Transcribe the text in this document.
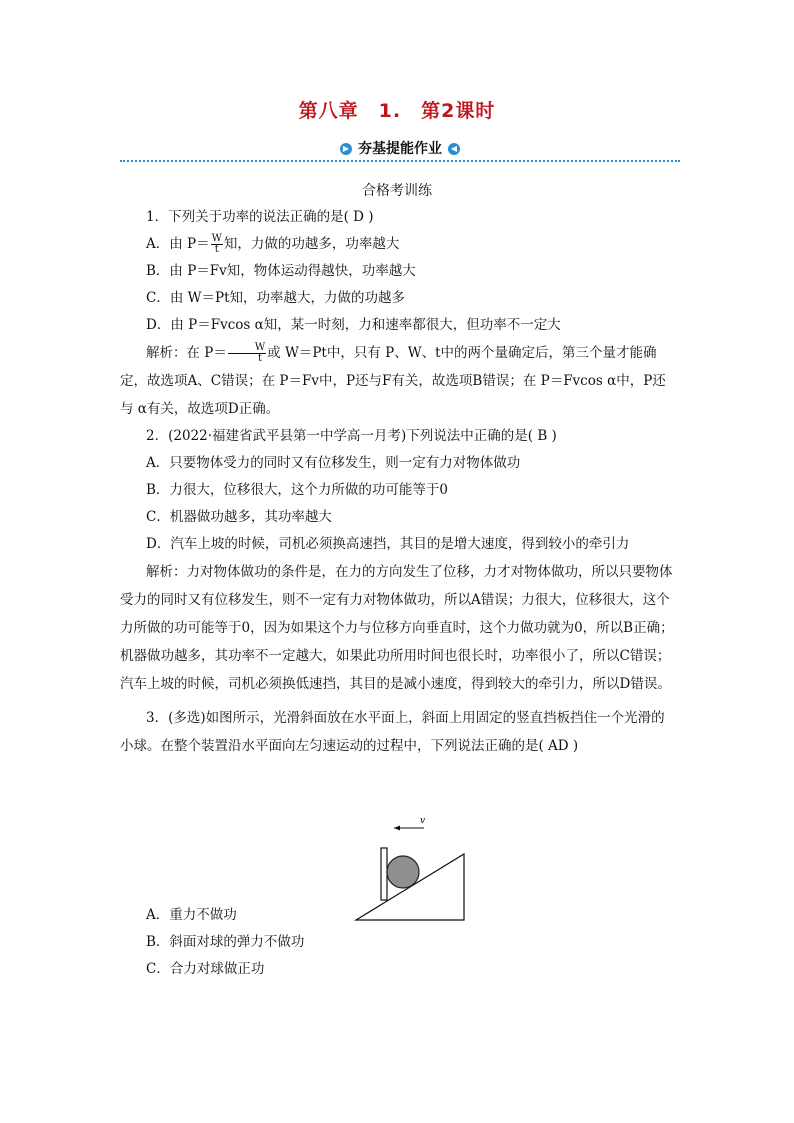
第八章　1.　第2课时
▶ 夯基提能作业 ◀
合格考训练
1．下列关于功率的说法正确的是( D )
A．由 $P= \frac{W}{t}$ 知，力做的功越多，功率越大
B．由 P＝Fv知，物体运动得越快，功率越大
C．由 W＝Pt知，功率越大，力做的功越多
D．由 P＝Fvcos α知，某一时刻，力和速率都很大，但功率不一定大
解析：在 $P= \frac{W}{t}$ 或 W＝Pt中，只有 P、W、t中的两个量确定后，第三个量才能确定，故选项A、C错误；在 P＝Fv中，P还与F有关，故选项B错误；在 P＝Fvcos α中，P还与 α有关，故选项D正确。
2．(2022·福建省武平县第一中学高一月考)下列说法中正确的是( B )
A．只要物体受力的同时又有位移发生，则一定有力对物体做功
B．力很大，位移很大，这个力所做的功可能等于0
C．机器做功越多，其功率越大
D．汽车上坡的时候，司机必须换高速挡，其目的是增大速度，得到较小的牵引力
解析：力对物体做功的条件是，在力的方向发生了位移，力才对物体做功，所以只要物体受力的同时又有位移发生，则不一定有力对物体做功，所以A错误；力很大，位移很大，这个力所做的功可能等于0，因为如果这个力与位移方向垂直时，这个力做功就为0，所以B正确；机器做功越多，其功率不一定越大，如果此功所用时间也很长时，功率很小了，所以C错误；汽车上坡的时候，司机必须换低速挡，其目的是减小速度，得到较大的牵引力，所以D错误。
3．(多选)如图所示，光滑斜面放在水平面上，斜面上用固定的竖直挡板挡住一个光滑的小球。在整个装置沿水平面向左匀速运动的过程中，下列说法正确的是( AD )
A．重力不做功
B．斜面对球的弹力不做功
C．合力对球做正功
v
